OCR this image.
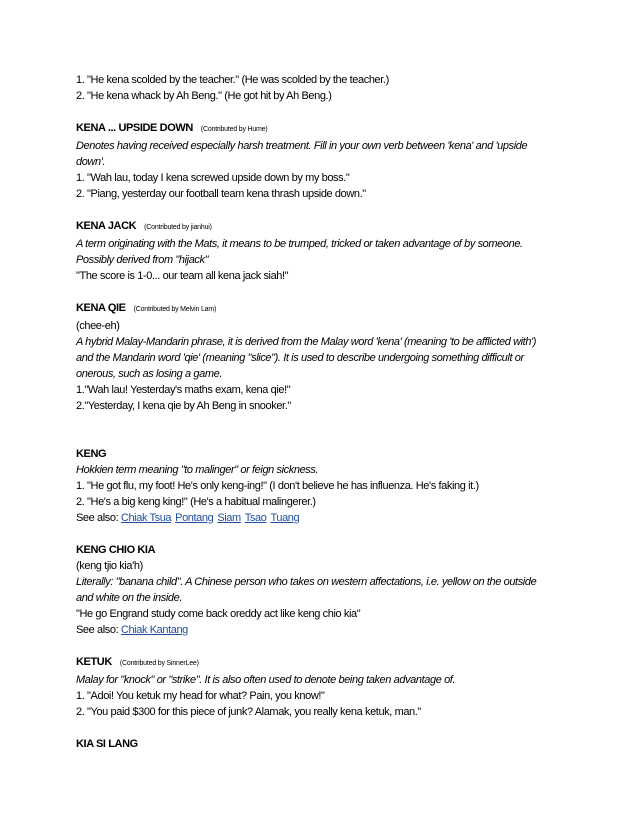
1. "He kena scolded by the teacher." (He was scolded by the teacher.)
2. "He kena whack by Ah Beng." (He got hit by Ah Beng.)
KENA ... UPSIDE DOWN (Contributed by Hume)
Denotes having received especially harsh treatment. Fill in your own verb between 'kena' and 'upside
down'.
1. "Wah lau, today I kena screwed upside down by my boss."
2. "Piang, yesterday our football team kena thrash upside down."
KENA JACK (Contributed by jianhui)
A term originating with the Mats, it means to be trumped, tricked or taken advantage of by someone.
Possibly derived from "hijack"
"The score is 1-0... our team all kena jack siah!"
KENA QIE (Contributed by Melvin Lam)
(chee-eh)
A hybrid Malay-Mandarin phrase, it is derived from the Malay word 'kena' (meaning 'to be afflicted with')
and the Mandarin word 'qie' (meaning "slice"). It is used to describe undergoing something difficult or
onerous, such as losing a game.
1."Wah lau! Yesterday's maths exam, kena qie!"
2."Yesterday, I kena qie by Ah Beng in snooker."
KENG
Hokkien term meaning "to malinger" or feign sickness.
1. "He got flu, my foot! He's only keng-ing!" (I don't believe he has influenza. He's faking it.)
2. "He's a big keng king!" (He's a habitual malingerer.)
See also: Chiak Tsua Pontang Siam Tsao Tuang
KENG CHIO KIA
(keng tjio kia'h)
Literally: "banana child". A Chinese person who takes on western affectations, i.e. yellow on the outside
and white on the inside.
"He go Engrand study come back oreddy act like keng chio kia"
See also: Chiak Kantang
KETUK (Contributed by SinnerLee)
Malay for "knock" or "strike". It is also often used to denote being taken advantage of.
1. "Adoi! You ketuk my head for what? Pain, you know!"
2. "You paid $300 for this piece of junk? Alamak, you really kena ketuk, man."
KIA SI LANG
